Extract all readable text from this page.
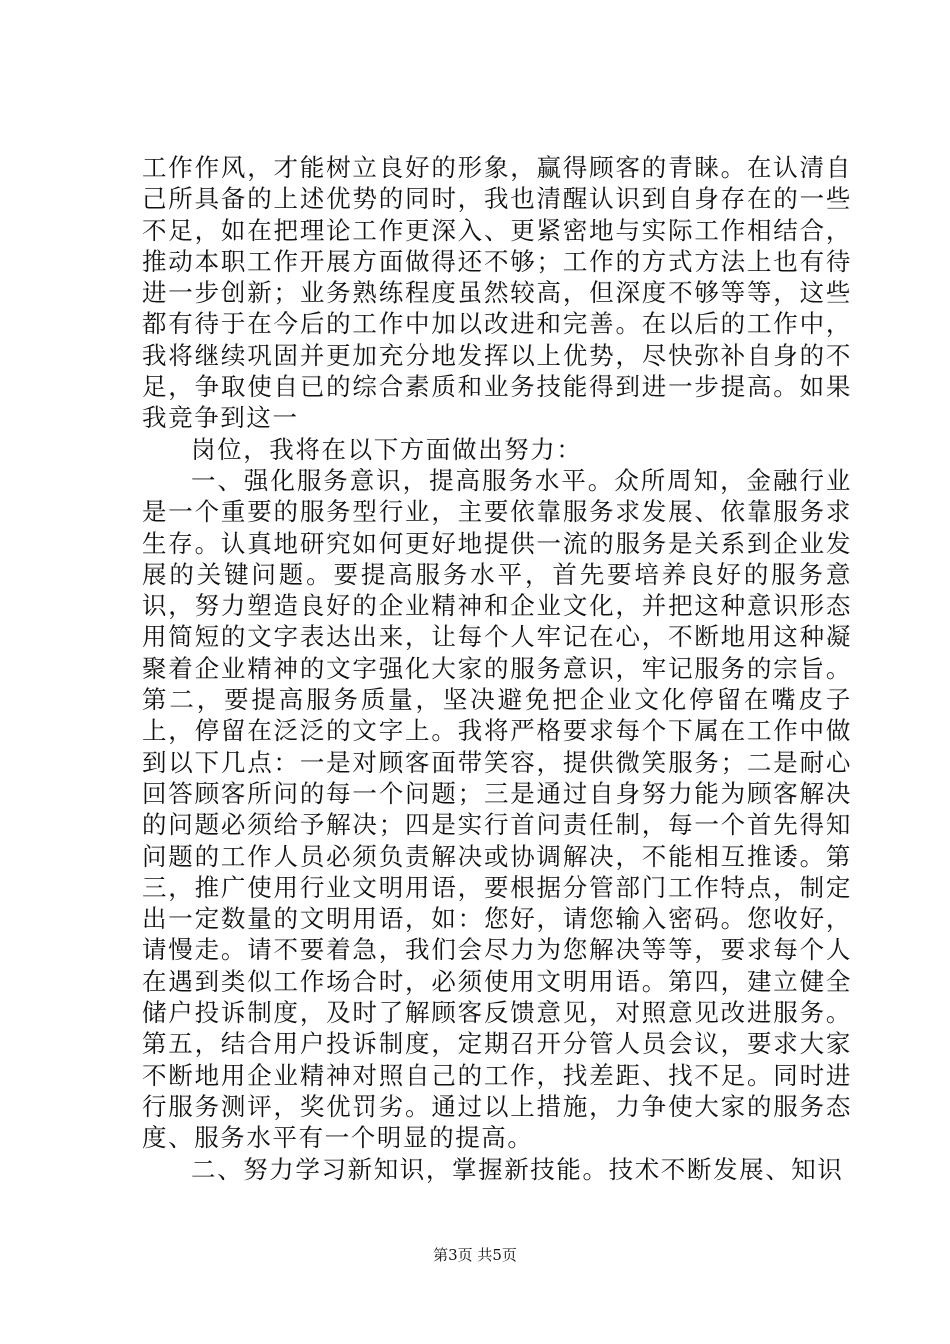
工作作风，才能树立良好的形象，赢得顾客的青睐。在认清自己所具备的上述优势的同时，我也清醒认识到自身存在的一些不足，如在把理论工作更深入、更紧密地与实际工作相结合，推动本职工作开展方面做得还不够；工作的方式方法上也有待进一步创新；业务熟练程度虽然较高，但深度不够等等，这些都有待于在今后的工作中加以改进和完善。在以后的工作中，我将继续巩固并更加充分地发挥以上优势，尽快弥补自身的不足，争取使自已的综合素质和业务技能得到进一步提高。如果我竞争到这一

岗位，我将在以下方面做出努力：

一、强化服务意识，提高服务水平。众所周知，金融行业是一个重要的服务型行业，主要依靠服务求发展、依靠服务求生存。认真地研究如何更好地提供一流的服务是关系到企业发展的关键问题。要提高服务水平，首先要培养良好的服务意识，努力塑造良好的企业精神和企业文化，并把这种意识形态用简短的文字表达出来，让每个人牢记在心，不断地用这种凝聚着企业精神的文字强化大家的服务意识，牢记服务的宗旨。第二，要提高服务质量，坚决避免把企业文化停留在嘴皮子上，停留在泛泛的文字上。我将严格要求每个下属在工作中做到以下几点：一是对顾客面带笑容，提供微笑服务；二是耐心回答顾客所问的每一个问题；三是通过自身努力能为顾客解决的问题必须给予解决；四是实行首问责任制，每一个首先得知问题的工作人员必须负责解决或协调解决，不能相互推诿。第三，推广使用行业文明用语，要根据分管部门工作特点，制定出一定数量的文明用语，如：您好，请您输入密码。您收好，请慢走。请不要着急，我们会尽力为您解决等等，要求每个人在遇到类似工作场合时，必须使用文明用语。第四，建立健全储户投诉制度，及时了解顾客反馈意见，对照意见改进服务。第五，结合用户投诉制度，定期召开分管人员会议，要求大家不断地用企业精神对照自己的工作，找差距、找不足。同时进行服务测评，奖优罚劣。通过以上措施，力争使大家的服务态度、服务水平有一个明显的提高。

二、努力学习新知识，掌握新技能。技术不断发展、知识

第3页 共5页
